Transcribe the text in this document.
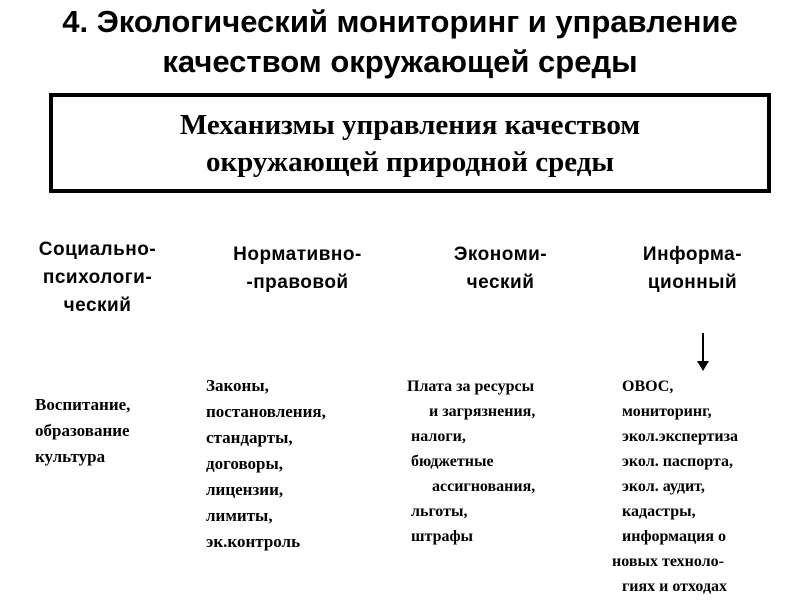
4. Экологический мониторинг и управление
качеством окружающей среды
Механизмы управления качеством
окружающей природной среды
Социально-
психологи-
ческий
Воспитание,
образование
культура
Нормативно-
-правовой
Законы,
постановления,
стандарты,
договоры,
лицензии,
лимиты,
эк.контроль
Экономи-
ческий
Плата за ресурсы
и загрязнения,
налоги,
бюджетные
ассигнования,
льготы,
штрафы
Информа-
ционный
ОВОС,
мониторинг,
экол.экспертиза
экол. паспорта,
экол. аудит,
кадастры,
информация о
новых техноло-
гиях и отходах
